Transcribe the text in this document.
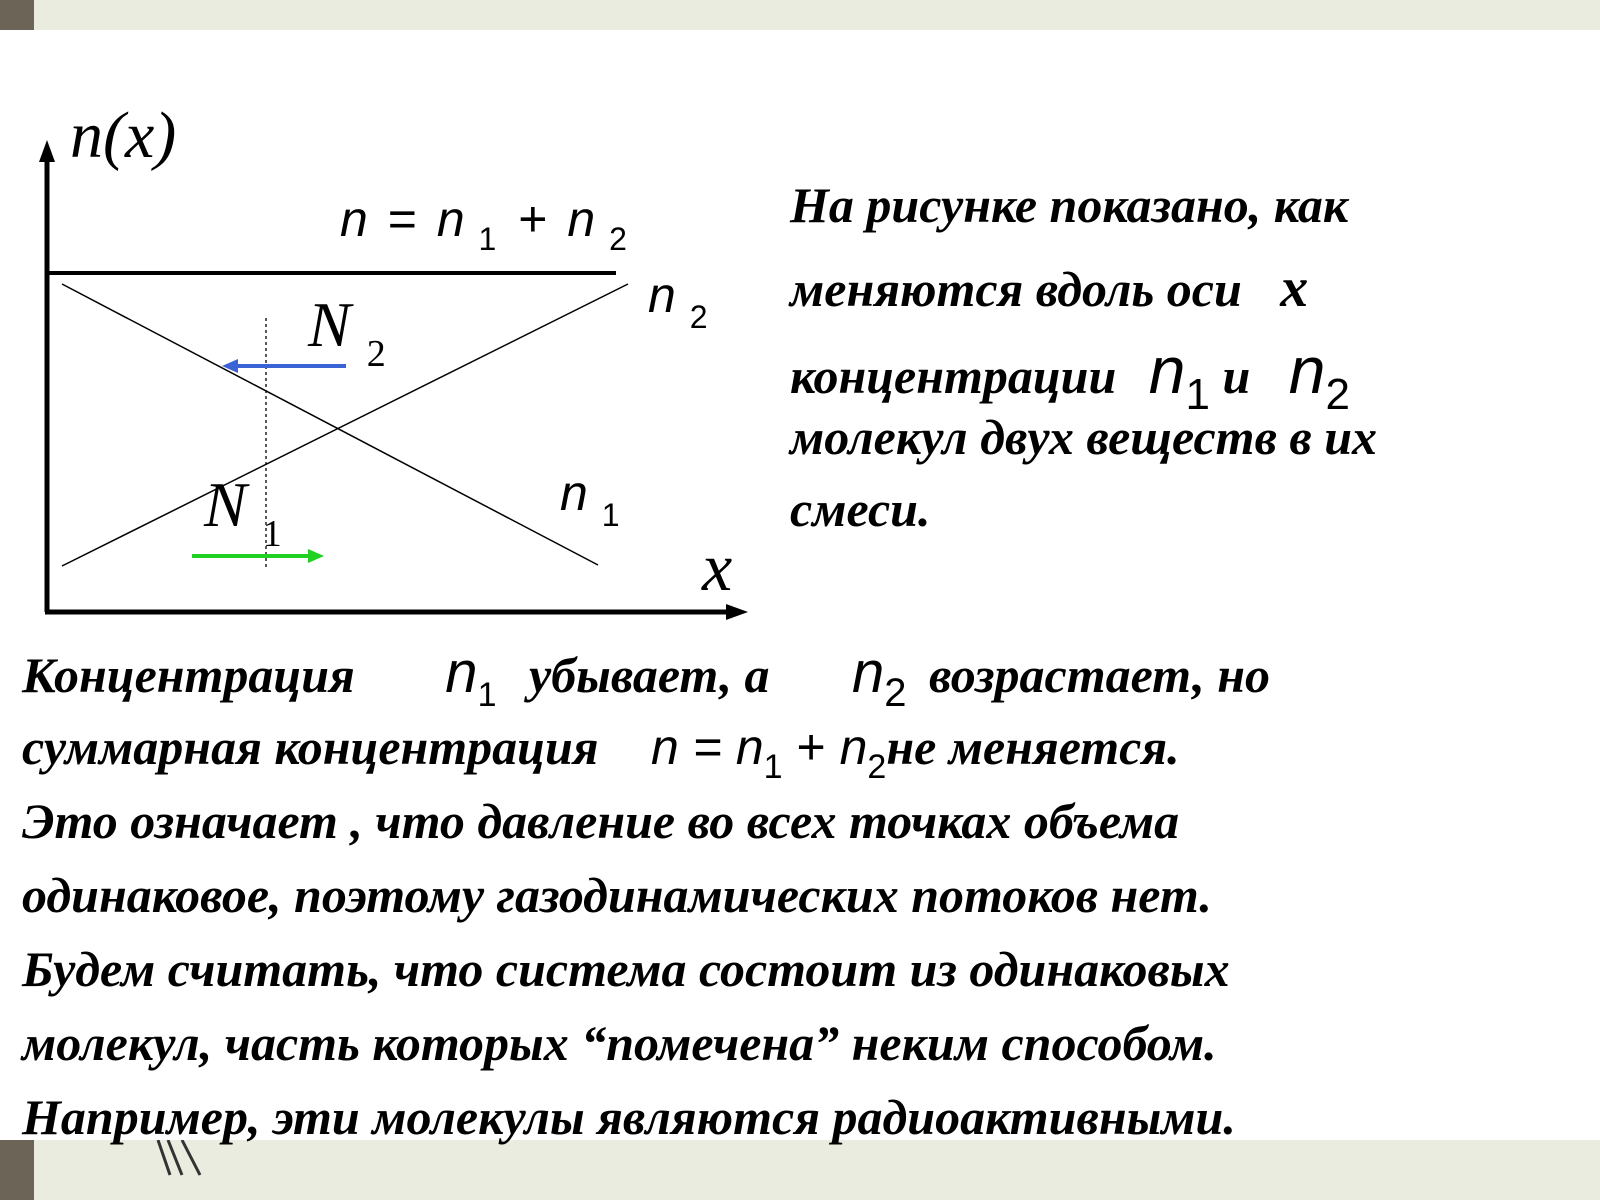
n(x)
x
n = n $_1$ + n $_2$
n $_2$
n $_1$
N $_2$
N $_1$
На рисунке показано, как
меняются вдоль оси x
концентрации $n_1$ и $n_2$
молекул двух веществ в их
смеси.
Концентрация $n_1$ убывает, а $n_2$ возрастает, но
суммарная концентрация $n = n_1 + n_2не$ меняется.
Это означает , что давление во всех точках объема
одинаковое, поэтому газодинамических потоков нет.
Будем считать, что система состоит из одинаковых
молекул, часть которых “помечена” неким способом.
Например, эти молекулы являются радиоактивными.
